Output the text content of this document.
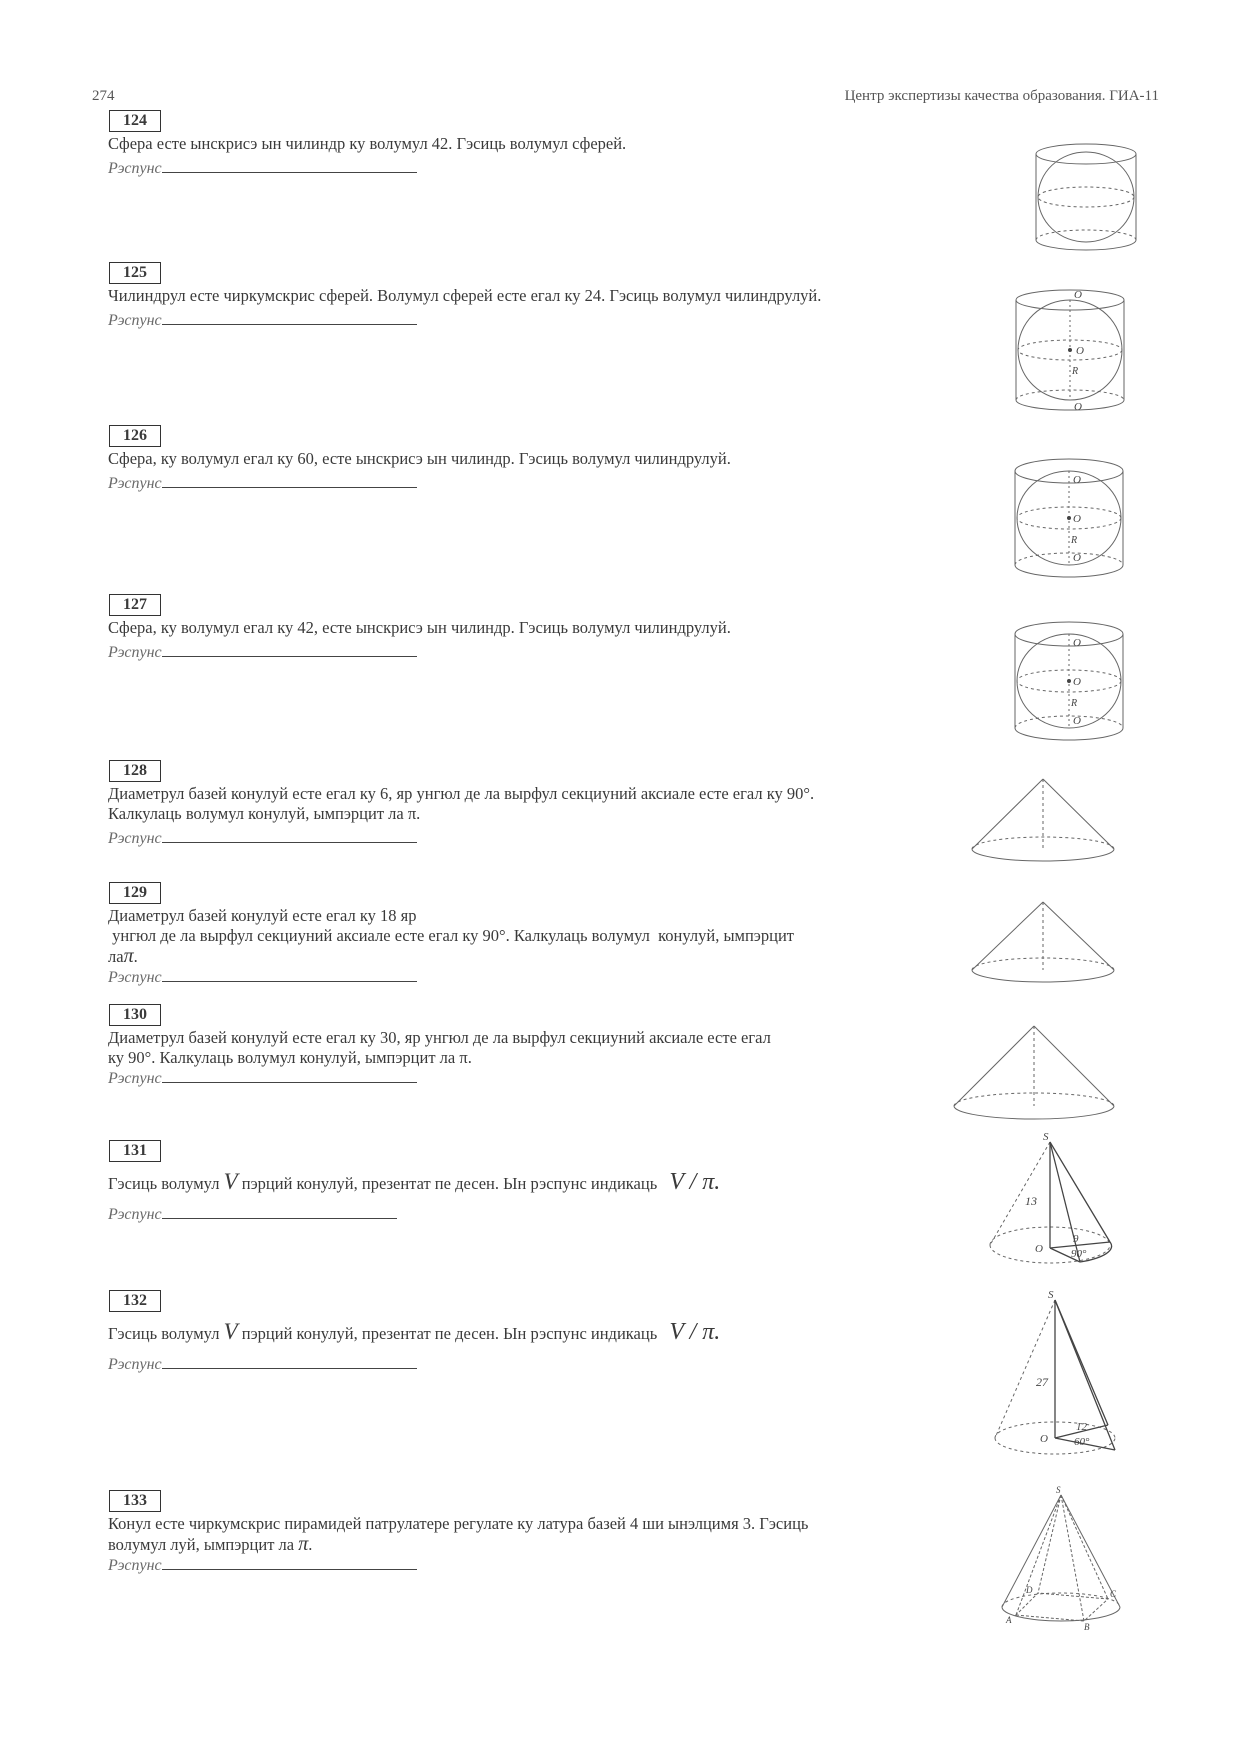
274	Центр экспертизы качества образования. ГИА-11
124
Сфера есте ынскрисэ ын чилиндр ку волумул 42. Гэсиць волумул сферей.
Рэспунс
125
Чилиндрул есте чиркумскрис сферей. Волумул сферей есте егал ку 24. Гэсиць волумул чилиндрулуй.
Рэспунс
126
Сфера, ку волумул егал ку 60, есте ынскрисэ ын чилиндр. Гэсиць волумул чилиндрулуй.
Рэспунс
127
Сфера, ку волумул егал ку 42, есте ынскрисэ ын чилиндр. Гэсиць волумул чилиндрулуй.
Рэспунс
128
Диаметрул базей конулуй есте егал ку 6, яр унгюл де ла вырфул секциуний аксиале есте егал ку 90°.
Калкулаць волумул конулуй, ымпэрцит ла π.
Рэспунс
129
Диаметрул базей конулуй есте егал ку 18 яр
унгюл де ла вырфул секциуний аксиале есте егал ку 90°. Калкулаць волумул  конулуй, ымпэрцит
лаπ.
Рэспунс
130
Диаметрул базей конулуй есте егал ку 30, яр унгюл де ла вырфул секциуний аксиале есте егал
ку 90°. Калкулаць волумул конулуй, ымпэрцит ла π.
Рэспунс
131
Гэсиць волумул V пэрций конулуй, презентат пе десен. Ын рэспунс индикаць V / π.
Рэспунс
132
Гэсиць волумул V пэрций конулуй, презентат пе десен. Ын рэспунс индикаць V / π.
Рэспунс
133
Конул есте чиркумскрис пирамидей патрулатере регулате ку латура базей 4 ши ынэлцимя 3. Гэсиць
волумул луй, ымпэрцит ла π.
Рэспунс
O
O
R
O
O
O
R
O
O
O
R
O
S
13
9
O	90°
S
27
12
O 60°
S
D	C
A
B
